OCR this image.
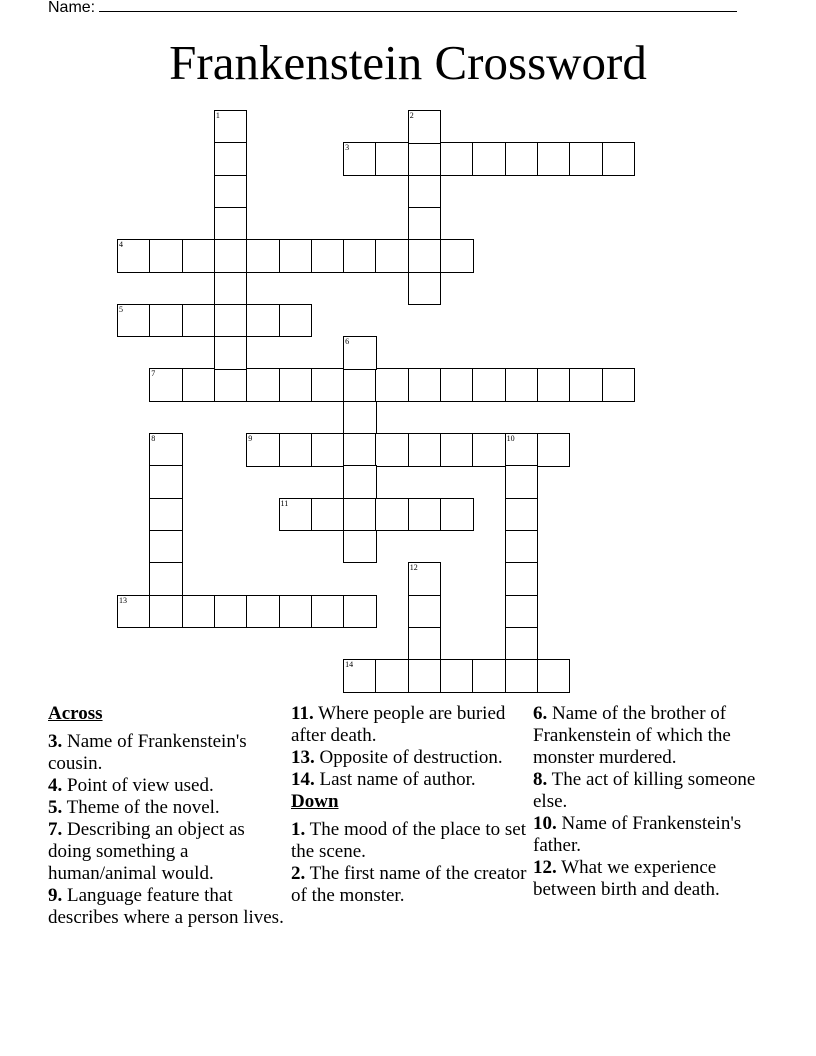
Name:
Frankenstein Crossword
3
4
5
7
9	10
11
13
14
1	2
6
8
12
Across

3. Name of Frankenstein's cousin.

4. Point of view used.

5. Theme of the novel.

7. Describing an object as doing something a human/animal would.

9. Language feature that describes where a person lives.

11. Where people are buried after death.

13. Opposite of destruction.

14. Last name of author.

Down

1. The mood of the place to set the scene.

2. The first name of the creator of the monster.

6. Name of the brother of Frankenstein of which the monster murdered.

8. The act of killing someone else.

10. Name of Frankenstein's father.

12. What we experience between birth and death.
